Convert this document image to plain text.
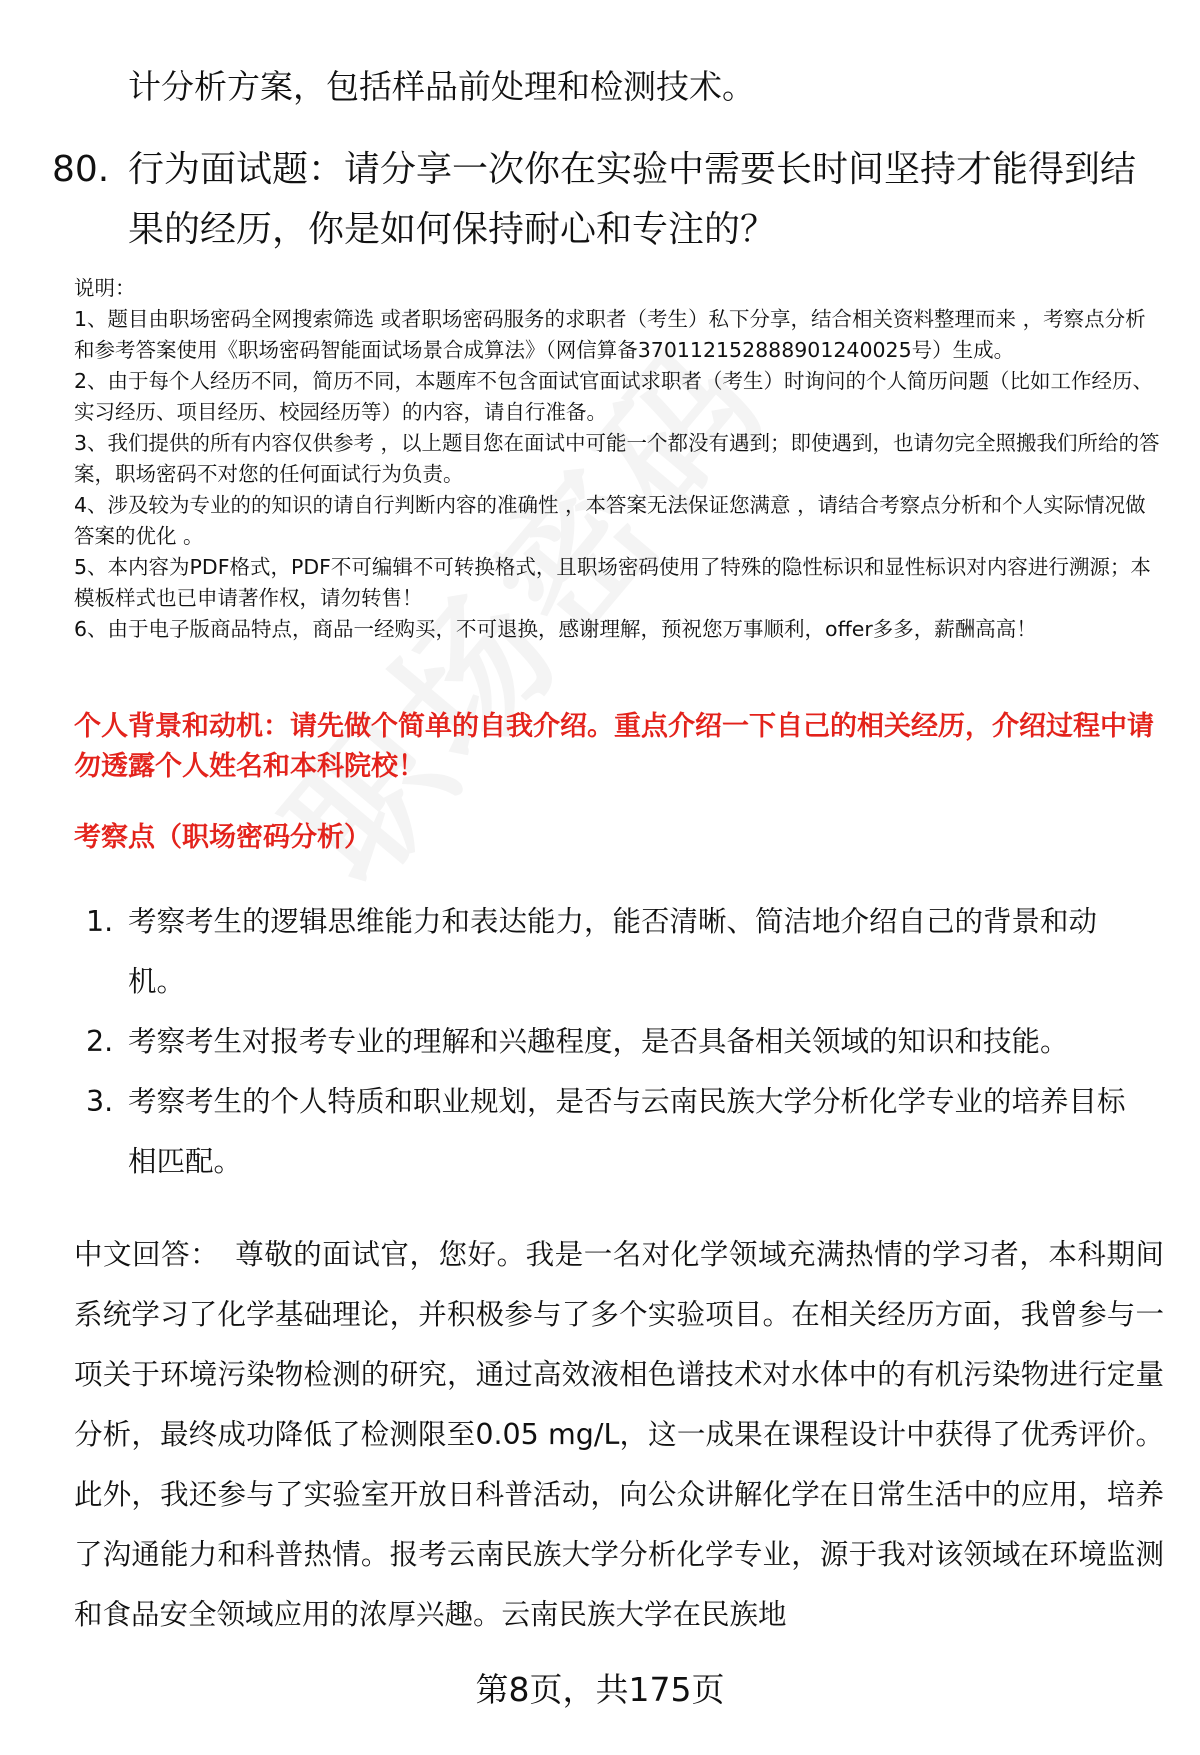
计分析方案，包括样品前处理和检测技术。

80. 行为面试题：请分享一次你在实验中需要长时间坚持才能得到结果的经历，你是如何保持耐心和专注的？

说明：

1、题目由职场密码全网搜索筛选 或者职场密码服务的求职者（考生）私下分享，结合相关资料整理而来 ，考察点分析和参考答案使用《职场密码智能面试场景合成算法》（网信算备37011215288890124002​5号）生成。

2、由于每个人经历不同，简历不同，本题库不包含面试官面试求职者（考生）时询问的个人简历问题（比如工作经历、实习经历、项目经历、校园经历等）的内容，请自行准备。

3、我们提供的所有内容仅供参考 ，以上题目您在面试中可能一个都没有遇到；即使遇到，也请勿完全照搬我们所给的答案，职场密码不对您的任何面试行为负责。

4、涉及较为专业的的知识的请自行判断内容的准确性 ，本答案无法保证您满意 ，请结合考察点分析和个人实际情况做答案的优化 。

5、本内容为PDF格式，PDF不可编辑不可转换格式，且职场密码使用了特殊的隐性标识和显性标识对内容进行溯源；本模板样式也已申请著作权，请勿转售！

6、由于电子版商品特点，商品一经购买，不可退换，感谢理解，预祝您万事顺利，offer多多，薪酬高高！

个人背景和动机：请先做个简单的自我介绍。重点介绍一下自己的相关经历，介绍过程中请勿透露个人姓名和本科院校！

考察点（职场密码分析）

1. 考察考生的逻辑思维能力和表达能力，能否清晰、简洁地介绍自己的背景和动机。
2. 考察考生对报考专业的理解和兴趣程度，是否具备相关领域的知识和技能。
3. 考察考生的个人特质和职业规划，是否与云南民族大学分析化学专业的培养目标相匹配。

中文回答： 尊敬的面试官，您好。我是一名对化学领域充满热情的学习者，本科期间系统学习了化学基础理论，并积极参与了多个实验项目。在相关经历方面，我曾参与一项关于环境污染物检测的研究，通过高效液相色谱技术对水体中的有机污染物进行定量分析，最终成功降低了检测限至0.05 mg/L，这一成果在课程设计中获得了优秀评价。此外，我还参与了实验室开放日科普活动，向公众讲解化学在日常生活中的应用，培养了沟通能力和科普热情。报考云南民族大学分析化学专业，源于我对该领域在环境监测和食品安全领域应用的浓厚兴趣。云南民族大学在民族地

第8页，共175页
